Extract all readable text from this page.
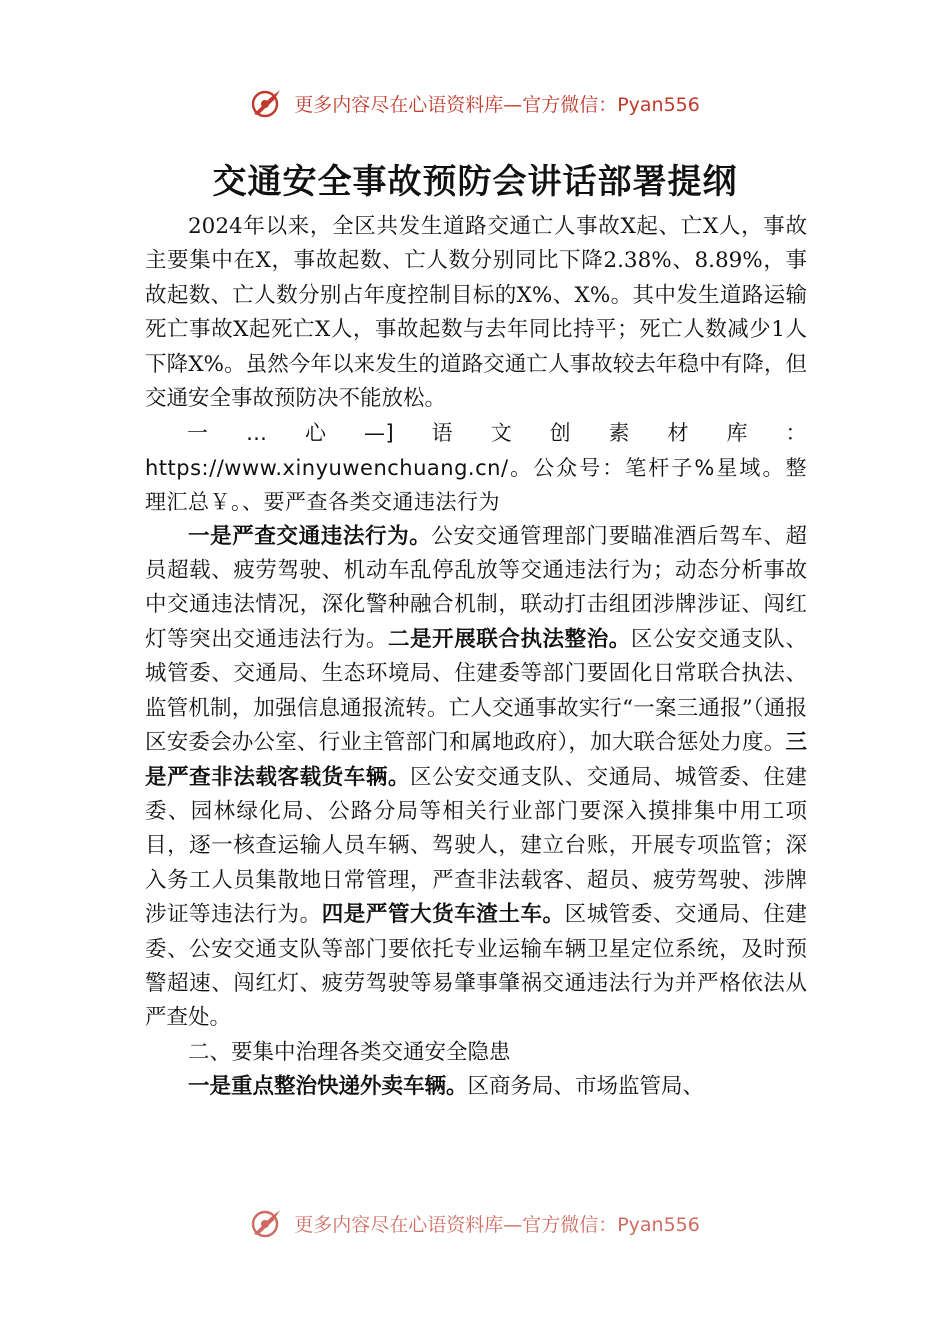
更多内容尽在心语资料库—官方微信：Pyan556
交通安全事故预防会讲话部署提纲

2024年以来，全区共发生道路交通亡人事故X起、亡X人，事故主要集中在X，事故起数、亡人数分别同比下降2.38%、8.89%，事故起数、亡人数分别占年度控制目标的X%、X%。其中发生道路运输死亡事故X起死亡X人，事故起数与去年同比持平；死亡人数减少1人下降X%。虽然今年以来发生的道路交通亡人事故较去年稳中有降，但交通安全事故预防决不能放松。

一…心—]语文创素材库：https://www.xinyuwenchuang.cn/。公众号：笔杆子%星域。整理汇总￥。、要严查各类交通违法行为

一是严查交通违法行为。公安交通管理部门要瞄准酒后驾车、超员超载、疲劳驾驶、机动车乱停乱放等交通违法行为；动态分析事故中交通违法情况，深化警种融合机制，联动打击组团涉牌涉证、闯红灯等突出交通违法行为。二是开展联合执法整治。区公安交通支队、城管委、交通局、生态环境局、住建委等部门要固化日常联合执法、监管机制，加强信息通报流转。亡人交通事故实行“一案三通报”（通报区安委会办公室、行业主管部门和属地政府），加大联合惩处力度。三是严查非法载客载货车辆。区公安交通支队、交通局、城管委、住建委、园林绿化局、公路分局等相关行业部门要深入摸排集中用工项目，逐一核查运输人员车辆、驾驶人，建立台账，开展专项监管；深入务工人员集散地日常管理，严查非法载客、超员、疲劳驾驶、涉牌涉证等违法行为。四是严管大货车渣土车。区城管委、交通局、住建委、公安交通支队等部门要依托专业运输车辆卫星定位系统，及时预警超速、闯红灯、疲劳驾驶等易肇事肇祸交通违法行为并严格依法从严查处。

二、要集中治理各类交通安全隐患

一是重点整治快递外卖车辆。区商务局、市场监管局、

更多内容尽在心语资料库—官方微信：Pyan556
